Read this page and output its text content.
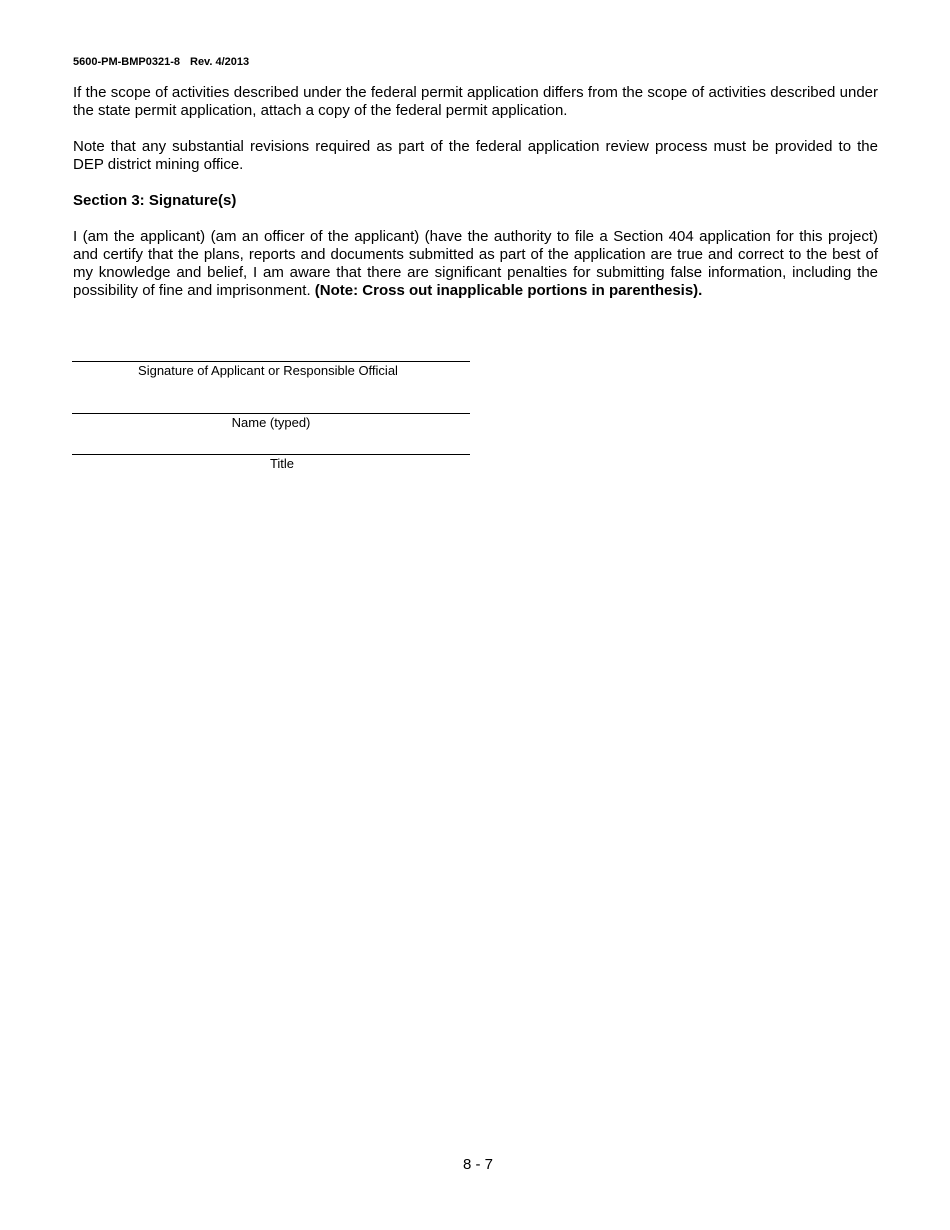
5600-PM-BMP0321-8 Rev. 4/2013

If the scope of activities described under the federal permit application differs from the scope of activities described under the state permit application, attach a copy of the federal permit application.

Note that any substantial revisions required as part of the federal application review process must be provided to the DEP district mining office.

Section 3: Signature(s)

I (am the applicant) (am an officer of the applicant) (have the authority to file a Section 404 application for this project) and certify that the plans, reports and documents submitted as part of the application are true and correct to the best of my knowledge and belief, I am aware that there are significant penalties for submitting false information, including the possibility of fine and imprisonment. (Note: Cross out inapplicable portions in parenthesis).

Signature of Applicant or Responsible Official
Name (typed)
Title
8 - 7
